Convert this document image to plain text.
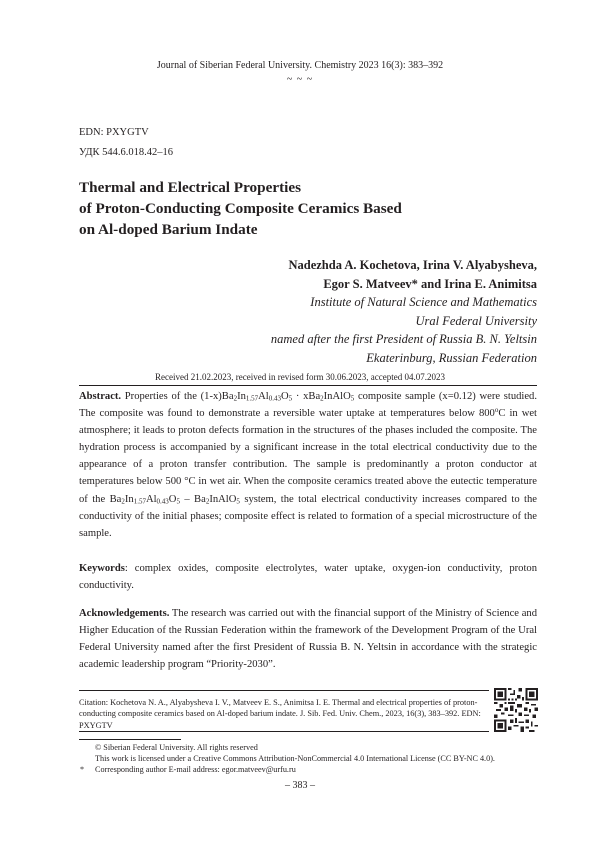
Journal of Siberian Federal University. Chemistry 2023 16(3): 383–392
~ ~ ~
EDN: PXYGTV
УДК 544.6.018.42–16
Thermal and Electrical Properties
of Proton-Conducting Composite Ceramics Based
on Al-doped Barium Indate
Nadezhda A. Kochetova, Irina V. Alyabysheva,
Egor S. Matveev* and Irina E. Animitsa
Institute of Natural Science and Mathematics
Ural Federal University
named after the first President of Russia B. N. Yeltsin
Ekaterinburg, Russian Federation
Received 21.02.2023, received in revised form 30.06.2023, accepted 04.07.2023
Abstract. Properties of the $(1-x)Ba_2In_{1.57}Al_{0.43}O_5$ · xBa$_2$InAlO$_5$ composite sample (x=0.12) were studied. The composite was found to demonstrate a reversible water uptake at temperatures below 800$^o$C in wet atmosphere; it leads to proton defects formation in the structures of the phases included the composite. The hydration process is accompanied by a significant increase in the total electrical conductivity due to the appearance of a proton transfer contribution. The sample is predominantly a proton conductor at temperatures below 500 °C in wet air. When the composite ceramics treated above the eutectic temperature of the $Ba_2In_{1.57}Al_{0.43}O_5$ – $Ba_2InAlO_5$ system, the total electrical conductivity increases compared to the conductivity of the initial phases; composite effect is related to formation of a special microstructure of the sample.
Keywords: complex oxides, composite electrolytes, water uptake, oxygen-ion conductivity, proton conductivity.
Acknowledgements. The research was carried out with the financial support of the Ministry of Science and Higher Education of the Russian Federation within the framework of the Development Program of the Ural Federal University named after the first President of Russia B. N. Yeltsin in accordance with the strategic academic leadership program “Priority-2030”.
Citation: Kochetova N. A., Alyabysheva I. V., Matveev E. S., Animitsa I. E. Thermal and electrical properties of proton-conducting composite ceramics based on Al-doped barium indate. J. Sib. Fed. Univ. Chem., 2023, 16(3), 383–392. EDN: PXYGTV
© Siberian Federal University. All rights reserved
This work is licensed under a Creative Commons Attribution-NonCommercial 4.0 International License (CC BY-NC 4.0).
* Corresponding author E-mail address: egor.matveev@urfu.ru
– 383 –
